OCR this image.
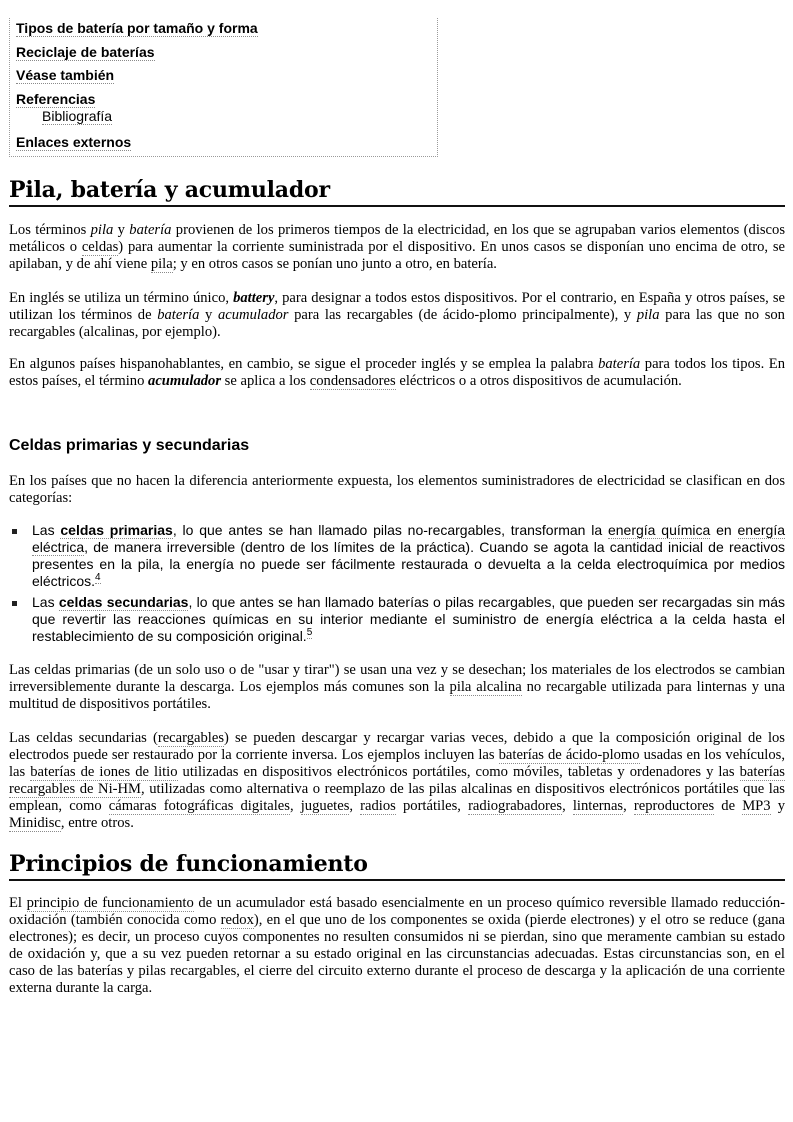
Tipos de batería por tamaño y forma
Reciclaje de baterías
Véase también
Referencias
Bibliografía
Enlaces externos
Pila, batería y acumulador

Los términos pila y batería provienen de los primeros tiempos de la electricidad, en los que se agrupaban varios elementos (discos metálicos o celdas) para aumentar la corriente suministrada por el dispositivo. En unos casos se disponían uno encima de otro, se apilaban, y de ahí viene pila; y en otros casos se ponían uno junto a otro, en batería.

En inglés se utiliza un término único, battery, para designar a todos estos dispositivos. Por el contrario, en España y otros países, se utilizan los términos de batería y acumulador para las recargables (de ácido-plomo principalmente), y pila para las que no son recargables (alcalinas, por ejemplo).

En algunos países hispanohablantes, en cambio, se sigue el proceder inglés y se emplea la palabra batería para todos los tipos. En estos países, el término acumulador se aplica a los condensadores eléctricos o a otros dispositivos de acumulación.

Celdas primarias y secundarias

En los países que no hacen la diferencia anteriormente expuesta, los elementos suministradores de electricidad se clasifican en dos categorías:

Las celdas primarias, lo que antes se han llamado pilas no-recargables, transforman la energía química en energía eléctrica, de manera irreversible (dentro de los límites de la práctica). Cuando se agota la cantidad inicial de reactivos presentes en la pila, la energía no puede ser fácilmente restaurada o devuelta a la celda electroquímica por medios eléctricos.$^4$
Las celdas secundarias, lo que antes se han llamado baterías o pilas recargables, que pueden ser recargadas sin más que revertir las reacciones químicas en su interior mediante el suministro de energía eléctrica a la celda hasta el restablecimiento de su composición original.$^5$

Las celdas primarias (de un solo uso o de "usar y tirar") se usan una vez y se desechan; los materiales de los electrodos se cambian irreversiblemente durante la descarga. Los ejemplos más comunes son la pila alcalina no recargable utilizada para linternas y una multitud de dispositivos portátiles.

Las celdas secundarias (recargables) se pueden descargar y recargar varias veces, debido a que la composición original de los electrodos puede ser restaurado por la corriente inversa. Los ejemplos incluyen las baterías de ácido-plomo usadas en los vehículos, las baterías de iones de litio utilizadas en dispositivos electrónicos portátiles, como móviles, tabletas y ordenadores y las baterías recargables de Ni-HM, utilizadas como alternativa o reemplazo de las pilas alcalinas en dispositivos electrónicos portátiles que las emplean, como cámaras fotográficas digitales, juguetes, radios portátiles, radiograbadores, linternas, reproductores de MP3 y Minidisc, entre otros.

Principios de funcionamiento

El principio de funcionamiento de un acumulador está basado esencialmente en un proceso químico reversible llamado reducción-oxidación (también conocida como redox), en el que uno de los componentes se oxida (pierde electrones) y el otro se reduce (gana electrones); es decir, un proceso cuyos componentes no resulten consumidos ni se pierdan, sino que meramente cambian su estado de oxidación y, que a su vez pueden retornar a su estado original en las circunstancias adecuadas. Estas circunstancias son, en el caso de las baterías y pilas recargables, el cierre del circuito externo durante el proceso de descarga y la aplicación de una corriente externa durante la carga.
